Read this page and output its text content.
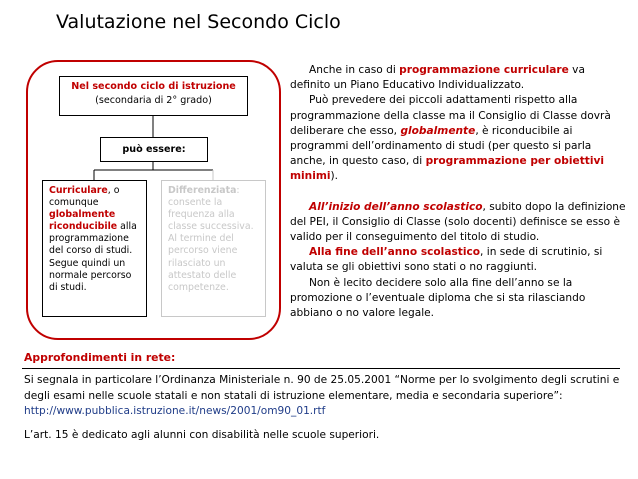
Valutazione nel Secondo Ciclo
Nel secondo ciclo di istruzione
(secondaria di 2° grado)
può essere:
Curriculare, o comunque globalmente riconducibile alla programmazione del corso di studi. Segue quindi un normale percorso di studi.
Differenziata: consente la frequenza alla classe successiva. Al termine del percorso viene rilasciato un attestato delle competenze.

Anche in caso di programmazione curriculare va definito un Piano Educativo Individualizzato.

Può prevedere dei piccoli adattamenti rispetto alla programmazione della classe ma il Consiglio di Classe dovrà deliberare che esso, globalmente, è riconducibile ai programmi dell’ordinamento di studi (per questo si parla anche, in questo caso, di programmazione per obiettivi minimi).

All’inizio dell’anno scolastico, subito dopo la definizione del PEI, il Consiglio di Classe (solo docenti) definisce se esso è valido per il conseguimento del titolo di studio.

Alla fine dell’anno scolastico, in sede di scrutinio, si valuta se gli obiettivi sono stati o no raggiunti.

Non è lecito decidere solo alla fine dell’anno se la promozione o l’eventuale diploma che si sta rilasciando abbiano o no valore legale.

Approfondimenti in rete:

Si segnala in particolare l’Ordinanza Ministeriale n. 90 de 25.05.2001 “Norme per lo svolgimento degli scrutini e degli esami nelle scuole statali e non statali di istruzione elementare, media e secondaria superiore”: http://www.pubblica.istruzione.it/news/2001/om90_01.rtf

L’art. 15 è dedicato agli alunni con disabilità nelle scuole superiori.
